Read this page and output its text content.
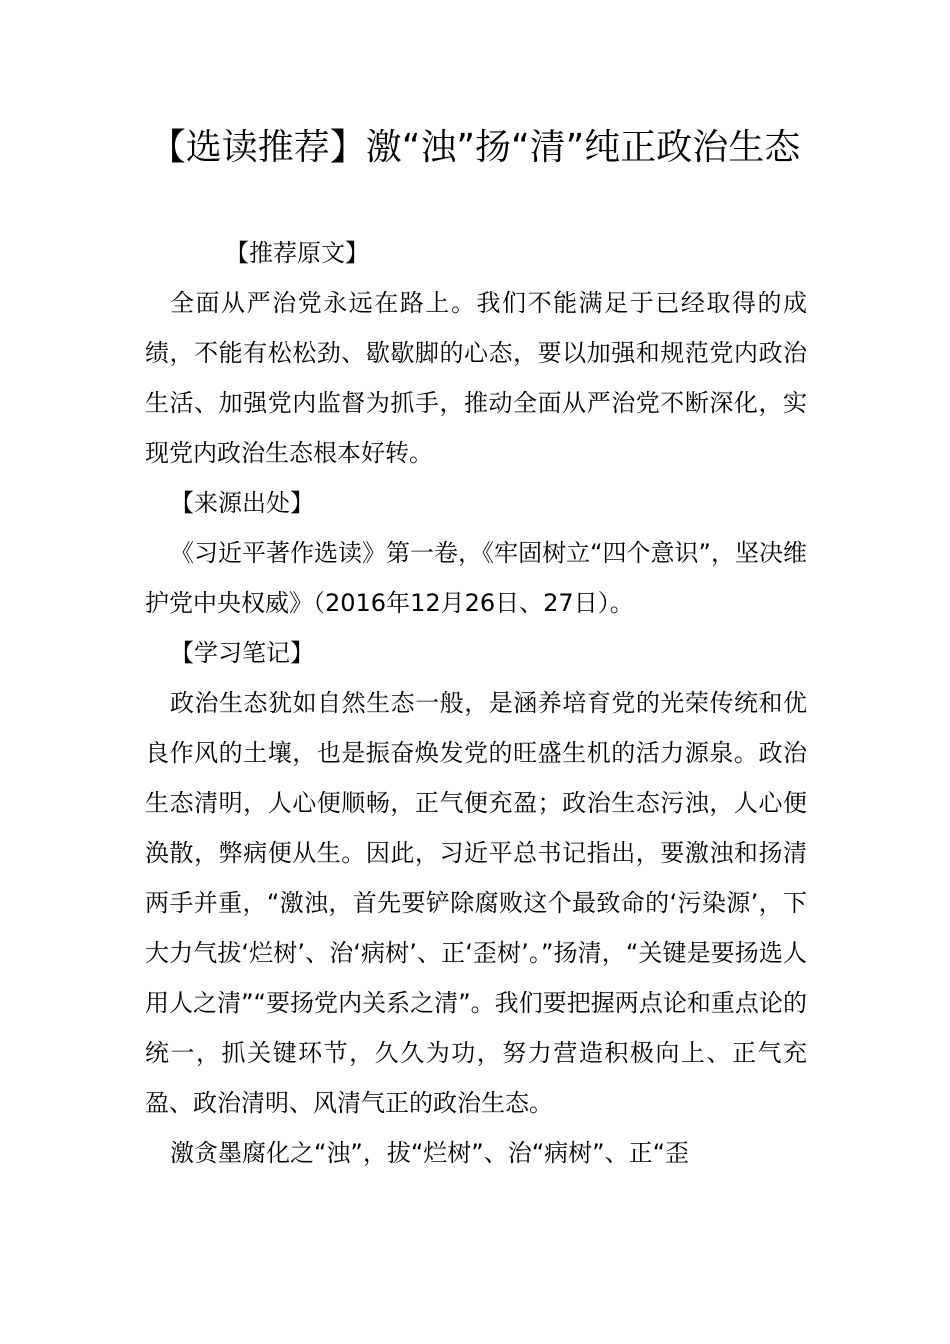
【选读推荐】激“浊”扬“清”纯正政治生态

【推荐原文】

全面从严治党永远在路上。我们不能满足于已经取得的成绩，不能有松松劲、歇歇脚的心态，要以加强和规范党内政治生活、加强党内监督为抓手，推动全面从严治党不断深化，实现党内政治生态根本好转。

【来源出处】

《习近平著作选读》第一卷，《牢固树立“四个意识”，坚决维护党中央权威》（2016年12月26日、27日）。

【学习笔记】

政治生态犹如自然生态一般，是涵养培育党的光荣传统和优良作风的土壤，也是振奋焕发党的旺盛生机的活力源泉。政治生态清明，人心便顺畅，正气便充盈；政治生态污浊，人心便涣散，弊病便从生。因此，习近平总书记指出，要激浊和扬清两手并重，“激浊，首先要铲除腐败这个最致命的‘污染源’，下大力气拔‘烂树’、治‘病树’、正‘歪树’。”扬清，“关键是要扬选人用人之清”“要扬党内关系之清”。我们要把握两点论和重点论的统一，抓关键环节，久久为功，努力营造积极向上、正气充盈、政治清明、风清气正的政治生态。

激贪墨腐化之“浊”，拔“烂树”、治“病树”、正“歪
